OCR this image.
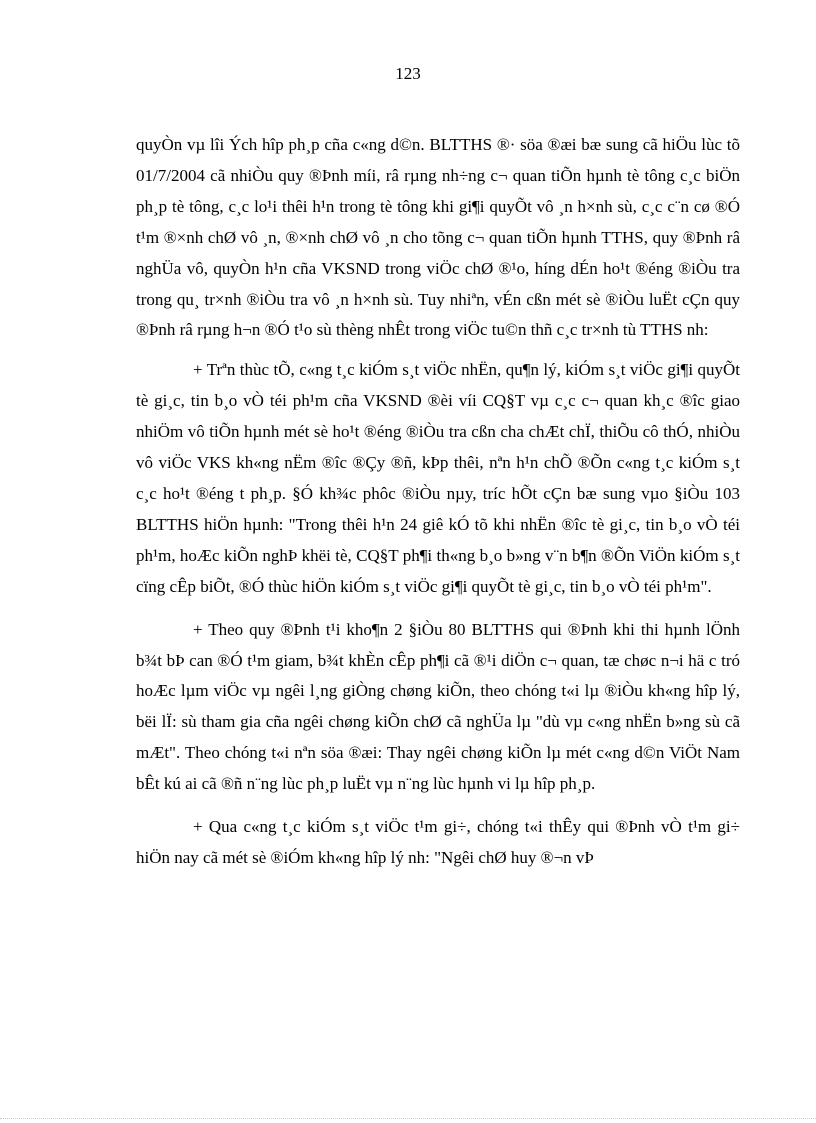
123

quyÒn vµ lîi Ých hîp ph¸p cña c«ng d©n. BLTTHS ®· söa ®æi bæ sung cã hiÖu lùc tõ 01/7/2004 cã nhiÒu quy ®Þnh míi, râ rµng nh÷ng c¬ quan tiÕn hµnh tè tông c¸c biÖn ph¸p tè tông, c¸c lo¹i thêi h¹n trong tè tông khi gi¶i quyÕt vô ¸n h×nh sù, c¸c c¨n cø ®Ó t¹m ®×nh chØ vô ¸n, ®×nh chØ vô ¸n cho tõng c¬ quan tiÕn hµnh TTHS, quy ®Þnh râ nghÜa vô, quyÒn h¹n cña VKSND trong viÖc chØ ®¹o, híng dÉn ho¹t ®éng ®iÒu tra trong qu¸ tr×nh ®iÒu tra vô ¸n h×nh sù. Tuy nhiªn, vÉn cßn mét sè ®iÒu luËt cÇn quy ®Þnh râ rµng h¬n ®Ó t¹o sù thèng nhÊt trong viÖc tu©n thñ c¸c tr×nh tù TTHS nh:

+ Trªn thùc tÕ, c«ng t¸c kiÓm s¸t viÖc nhËn, qu¶n lý, kiÓm s¸t viÖc gi¶i quyÕt tè gi¸c, tin b¸o vÒ téi ph¹m cña VKSND ®èi víi CQ§T vµ c¸c c¬ quan kh¸c ®îc giao nhiÖm vô tiÕn hµnh mét sè ho¹t ®éng ®iÒu tra cßn cha chÆt chÏ, thiÕu cô thÓ, nhiÒu vô viÖc VKS kh«ng nËm ®îc ®Çy ®ñ, kÞp thêi, nªn h¹n chÕ ®Õn c«ng t¸c kiÓm s¸t c¸c ho¹t ®éng t ph¸p. §Ó kh¾c phôc ®iÒu nµy, tríc hÕt cÇn bæ sung vµo §iÒu 103 BLTTHS hiÖn hµnh: "Trong thêi h¹n 24 giê kÓ tõ khi nhËn ®îc tè gi¸c, tin b¸o vÒ téi ph¹m, hoÆc kiÕn nghÞ khëi tè, CQ§T ph¶i th«ng b¸o b»ng v¨n b¶n ®Õn ViÖn kiÓm s¸t cïng cÊp biÕt, ®Ó thùc hiÖn kiÓm s¸t viÖc gi¶i quyÕt tè gi¸c, tin b¸o vÒ téi ph¹m".

+ Theo quy ®Þnh t¹i kho¶n 2 §iÒu 80 BLTTHS qui ®Þnh khi thi hµnh lÖnh b¾t bÞ can ®Ó t¹m giam, b¾t khÈn cÊp ph¶i cã ®¹i diÖn c¬ quan, tæ chøc n¬i hä c tró hoÆc lµm viÖc vµ ngêi l¸ng giÒng chøng kiÕn, theo chóng t«i lµ ®iÒu kh«ng hîp lý, bëi lÏ: sù tham gia cña ngêi chøng kiÕn chØ cã nghÜa lµ "dù vµ c«ng nhËn b»ng sù cã mÆt". Theo chóng t«i nªn söa ®æi: Thay ngêi chøng kiÕn lµ mét c«ng d©n ViÖt Nam bÊt kú ai cã ®ñ n¨ng lùc ph¸p luËt vµ n¨ng lùc hµnh vi lµ hîp ph¸p.

+ Qua c«ng t¸c kiÓm s¸t viÖc t¹m gi÷, chóng t«i thÊy qui ®Þnh vÒ t¹m gi÷ hiÖn nay cã mét sè ®iÓm kh«ng hîp lý nh: "Ngêi chØ huy ®¬n vÞ
